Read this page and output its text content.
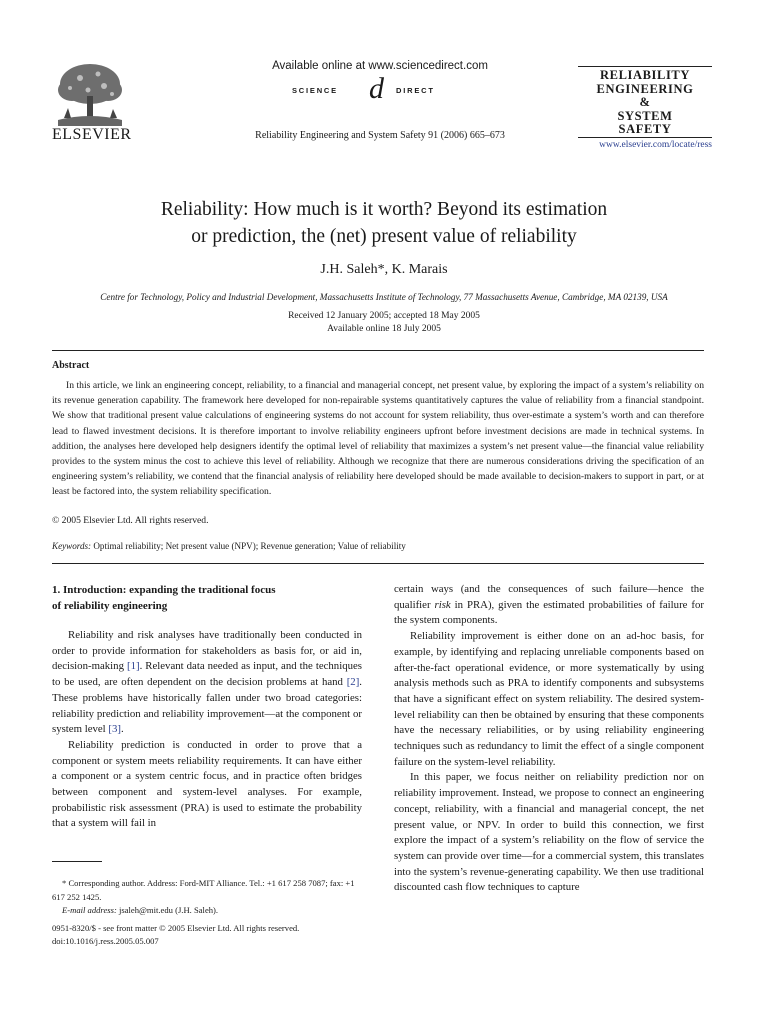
ELSEVIER
Available online at www.sciencedirect.com
SCIENCE d DIRECT
Reliability Engineering and System Safety 91 (2006) 665–673
RELIABILITY
ENGINEERING
&
SYSTEM
SAFETY
www.elsevier.com/locate/ress
Reliability: How much is it worth? Beyond its estimation
or prediction, the (net) present value of reliability
J.H. Saleh*, K. Marais
Centre for Technology, Policy and Industrial Development, Massachusetts Institute of Technology, 77 Massachusetts Avenue, Cambridge, MA 02139, USA
Received 12 January 2005; accepted 18 May 2005
Available online 18 July 2005
Abstract

In this article, we link an engineering concept, reliability, to a financial and managerial concept, net present value, by exploring the impact of a system’s reliability on its revenue generation capability. The framework here developed for non-repairable systems quantitatively captures the value of reliability from a financial standpoint. We show that traditional present value calculations of engineering systems do not account for system reliability, thus over-estimate a system’s worth and can therefore lead to flawed investment decisions. It is therefore important to involve reliability engineers upfront before investment decisions are made in technical systems. In addition, the analyses here developed help designers identify the optimal level of reliability that maximizes a system’s net present value—the financial value reliability provides to the system minus the cost to achieve this level of reliability. Although we recognize that there are numerous considerations driving the specification of an engineering system’s reliability, we contend that the financial analysis of reliability here developed should be made available to decision-makers to support in part, or at least be factored into, the system reliability specification.

© 2005 Elsevier Ltd. All rights reserved.
Keywords: Optimal reliability; Net present value (NPV); Revenue generation; Value of reliability
1. Introduction: expanding the traditional focus
of reliability engineering

Reliability and risk analyses have traditionally been conducted in order to provide information for stakeholders as basis for, or aid in, decision-making [1]. Relevant data needed as input, and the techniques to be used, are often dependent on the decision problems at hand [2]. These problems have historically fallen under two broad categories: reliability prediction and reliability improvement—at the component or system level [3].

Reliability prediction is conducted in order to prove that a component or system meets reliability requirements. It can have either a component or a system centric focus, and in practice often bridges between component and system-level analyses. For example, probabilistic risk assessment (PRA) is used to estimate the probability that a system will fail in

* Corresponding author. Address: Ford-MIT Alliance. Tel.: +1 617 258 7087; fax: +1 617 252 1425.

E-mail address: jsaleh@mit.edu (J.H. Saleh).

0951-8320/$ - see front matter © 2005 Elsevier Ltd. All rights reserved.
doi:10.1016/j.ress.2005.05.007

certain ways (and the consequences of such failure—hence the qualifier risk in PRA), given the estimated probabilities of failure for the system components.

Reliability improvement is either done on an ad-hoc basis, for example, by identifying and replacing unreliable components based on after-the-fact operational evidence, or more systematically by using analysis methods such as PRA to identify components and subsystems that have a significant effect on system reliability. The desired system-level reliability can then be obtained by ensuring that these components have the necessary reliabilities, or by using reliability engineering techniques such as redundancy to limit the effect of a single component failure on the system-level reliability.

In this paper, we focus neither on reliability prediction nor on reliability improvement. Instead, we propose to connect an engineering concept, reliability, with a financial and managerial concept, the net present value, or NPV. In order to build this connection, we first explore the impact of a system’s reliability on the flow of service the system can provide over time—for a commercial system, this translates into the system’s revenue-generating capability. We then use traditional discounted cash flow techniques to capture
